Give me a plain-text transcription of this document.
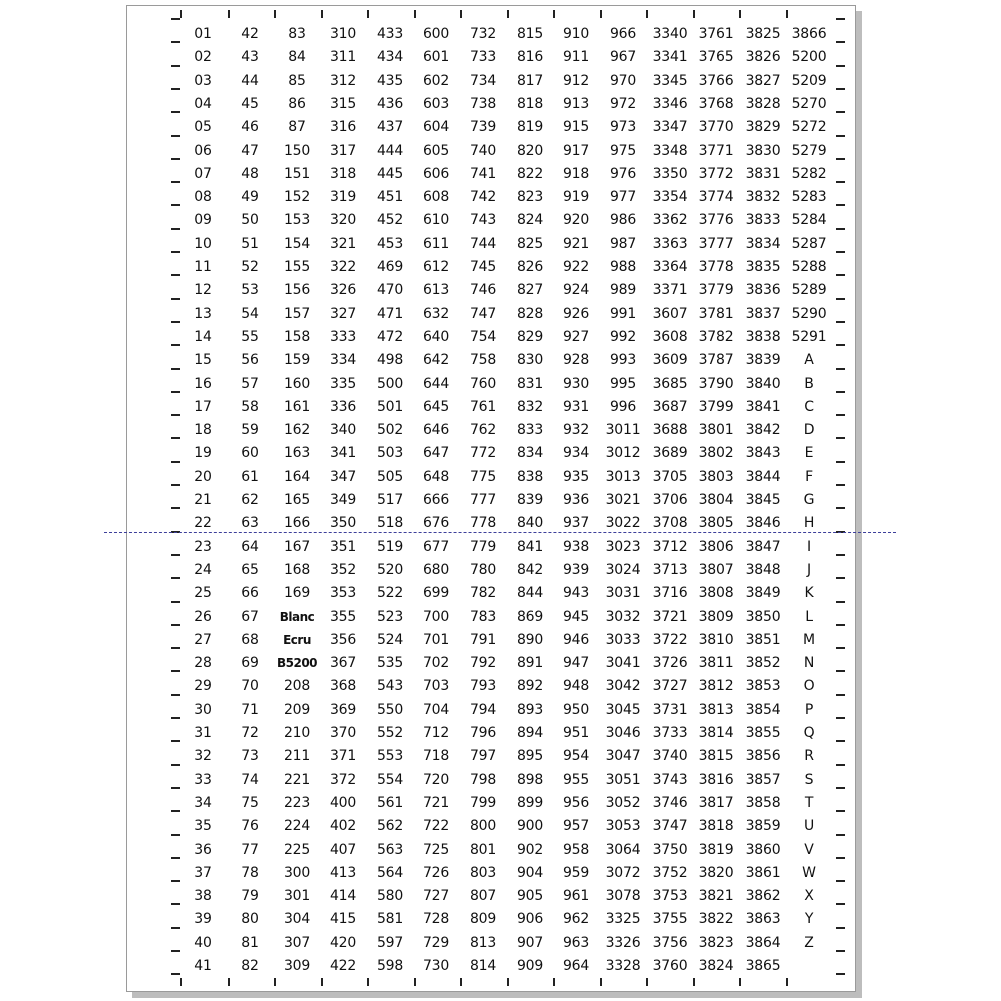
01
02
03
04
05
06
07
08
09
10
11
12
13
14
15
16
17
18
19
20
21
22
23
24
25
26
27
28
29
30
31
32
33
34
35
36
37
38
39
40
41
42
43
44
45
46
47
48
49
50
51
52
53
54
55
56
57
58
59
60
61
62
63
64
65
66
67
68
69
70
71
72
73
74
75
76
77
78
79
80
81
82
83
84
85
86
87
150
151
152
153
154
155
156
157
158
159
160
161
162
163
164
165
166
167
168
169
Blanc
Ecru
B5200
208
209
210
211
221
223
224
225
300
301
304
307
309
310
311
312
315
316
317
318
319
320
321
322
326
327
333
334
335
336
340
341
347
349
350
351
352
353
355
356
367
368
369
370
371
372
400
402
407
413
414
415
420
422
433
434
435
436
437
444
445
451
452
453
469
470
471
472
498
500
501
502
503
505
517
518
519
520
522
523
524
535
543
550
552
553
554
561
562
563
564
580
581
597
598
600
601
602
603
604
605
606
608
610
611
612
613
632
640
642
644
645
646
647
648
666
676
677
680
699
700
701
702
703
704
712
718
720
721
722
725
726
727
728
729
730
732
733
734
738
739
740
741
742
743
744
745
746
747
754
758
760
761
762
772
775
777
778
779
780
782
783
791
792
793
794
796
797
798
799
800
801
803
807
809
813
814
815
816
817
818
819
820
822
823
824
825
826
827
828
829
830
831
832
833
834
838
839
840
841
842
844
869
890
891
892
893
894
895
898
899
900
902
904
905
906
907
909
910
911
912
913
915
917
918
919
920
921
922
924
926
927
928
930
931
932
934
935
936
937
938
939
943
945
946
947
948
950
951
954
955
956
957
958
959
961
962
963
964
966
967
970
972
973
975
976
977
986
987
988
989
991
992
993
995
996
3011
3012
3013
3021
3022
3023
3024
3031
3032
3033
3041
3042
3045
3046
3047
3051
3052
3053
3064
3072
3078
3325
3326
3328
3340
3341
3345
3346
3347
3348
3350
3354
3362
3363
3364
3371
3607
3608
3609
3685
3687
3688
3689
3705
3706
3708
3712
3713
3716
3721
3722
3726
3727
3731
3733
3740
3743
3746
3747
3750
3752
3753
3755
3756
3760
3761
3765
3766
3768
3770
3771
3772
3774
3776
3777
3778
3779
3781
3782
3787
3790
3799
3801
3802
3803
3804
3805
3806
3807
3808
3809
3810
3811
3812
3813
3814
3815
3816
3817
3818
3819
3820
3821
3822
3823
3824
3825
3826
3827
3828
3829
3830
3831
3832
3833
3834
3835
3836
3837
3838
3839
3840
3841
3842
3843
3844
3845
3846
3847
3848
3849
3850
3851
3852
3853
3854
3855
3856
3857
3858
3859
3860
3861
3862
3863
3864
3865
3866
5200
5209
5270
5272
5279
5282
5283
5284
5287
5288
5289
5290
5291
A
B
C
D
E
F
G
H
I
J
K
L
M
N
O
P
Q
R
S
T
U
V
W
X
Y
Z
